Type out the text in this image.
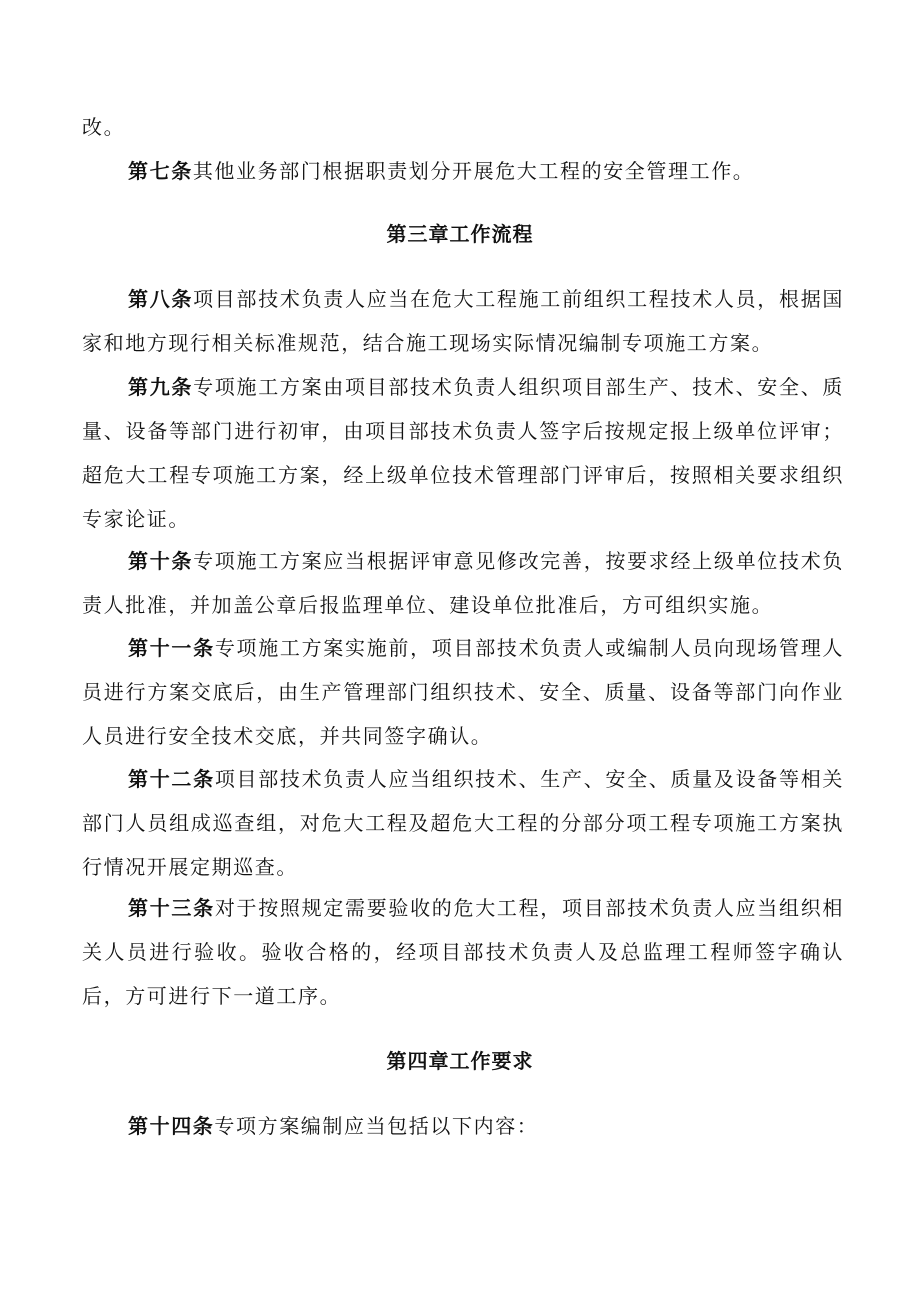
改。

第七条其他业务部门根据职责划分开展危大工程的安全管理工作。

第三章工作流程

第八条项目部技术负责人应当在危大工程施工前组织工程技术人员，根据国家和地方现行相关标准规范，结合施工现场实际情况编制专项施工方案。

第九条专项施工方案由项目部技术负责人组织项目部生产、技术、安全、质量、设备等部门进行初审，由项目部技术负责人签字后按规定报上级单位评审；超危大工程专项施工方案，经上级单位技术管理部门评审后，按照相关要求组织专家论证。

第十条专项施工方案应当根据评审意见修改完善，按要求经上级单位技术负责人批准，并加盖公章后报监理单位、建设单位批准后，方可组织实施。

第十一条专项施工方案实施前，项目部技术负责人或编制人员向现场管理人员进行方案交底后，由生产管理部门组织技术、安全、质量、设备等部门向作业人员进行安全技术交底，并共同签字确认。

第十二条项目部技术负责人应当组织技术、生产、安全、质量及设备等相关部门人员组成巡查组，对危大工程及超危大工程的分部分项工程专项施工方案执行情况开展定期巡查。

第十三条对于按照规定需要验收的危大工程，项目部技术负责人应当组织相关人员进行验收。验收合格的，经项目部技术负责人及总监理工程师签字确认后，方可进行下一道工序。

第四章工作要求

第十四条专项方案编制应当包括以下内容：
